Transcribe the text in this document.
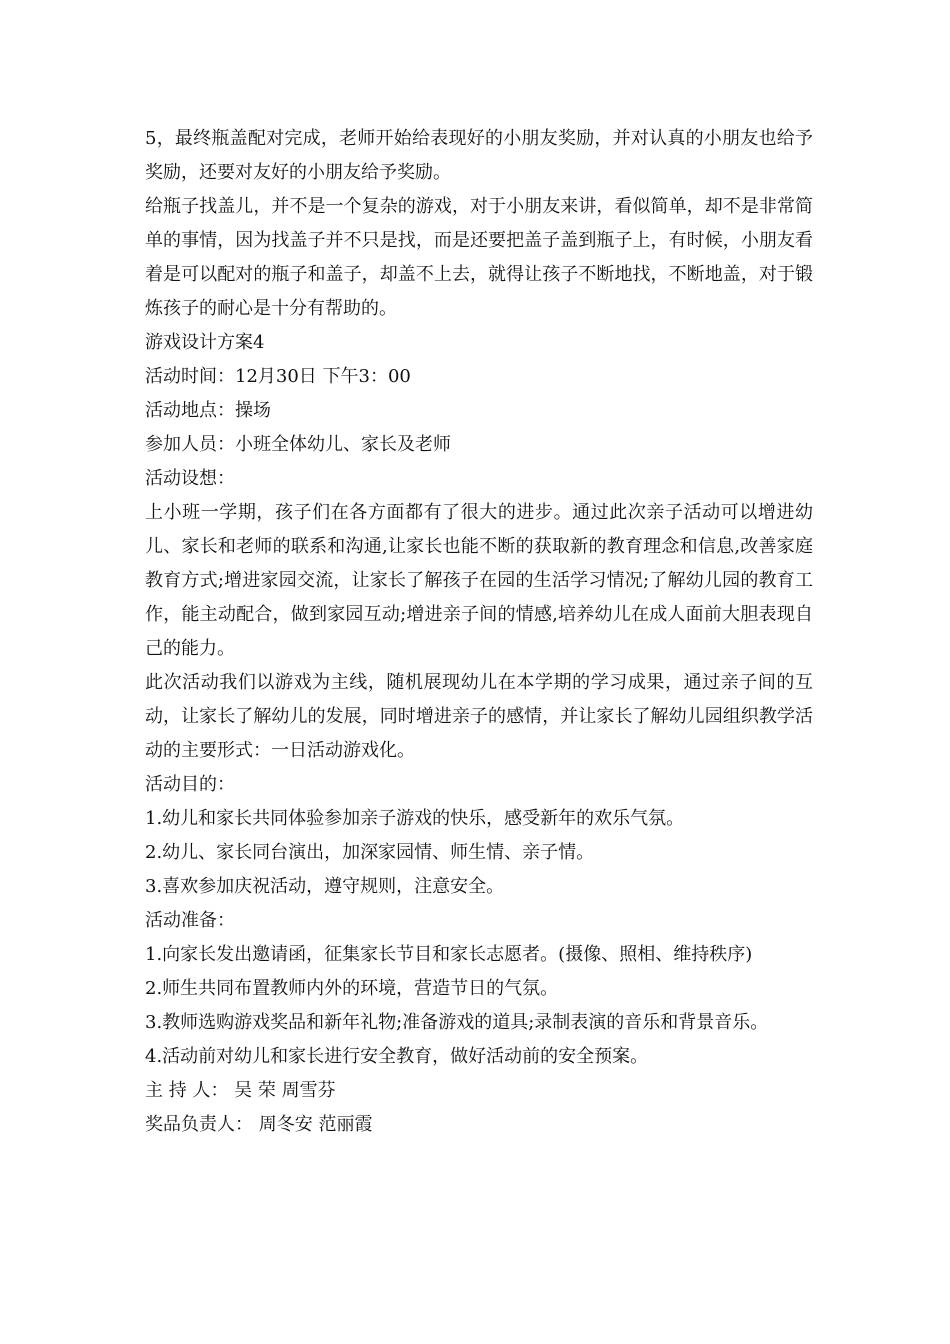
5，最终瓶盖配对完成，老师开始给表现好的小朋友奖励，并对认真的小朋友也给予奖励，还要对友好的小朋友给予奖励。

给瓶子找盖儿，并不是一个复杂的游戏，对于小朋友来讲，看似简单，却不是非常简单的事情，因为找盖子并不只是找，而是还要把盖子盖到瓶子上，有时候，小朋友看着是可以配对的瓶子和盖子，却盖不上去，就得让孩子不断地找，不断地盖，对于锻炼孩子的耐心是十分有帮助的。

游戏设计方案4

活动时间：12月30日 下午3：00

活动地点：操场

参加人员：小班全体幼儿、家长及老师

活动设想：

上小班一学期，孩子们在各方面都有了很大的进步。通过此次亲子活动可以增进幼儿、家长和老师的联系和沟通,让家长也能不断的获取新的教育理念和信息,改善家庭教育方式;增进家园交流，让家长了解孩子在园的生活学习情况;了解幼儿园的教育工作，能主动配合，做到家园互动;增进亲子间的情感,培养幼儿在成人面前大胆表现自己的能力。

此次活动我们以游戏为主线，随机展现幼儿在本学期的学习成果，通过亲子间的互动，让家长了解幼儿的发展，同时增进亲子的感情，并让家长了解幼儿园组织教学活动的主要形式：一日活动游戏化。

活动目的：

1.幼儿和家长共同体验参加亲子游戏的快乐，感受新年的欢乐气氛。

2.幼儿、家长同台演出，加深家园情、师生情、亲子情。

3.喜欢参加庆祝活动，遵守规则，注意安全。

活动准备：

1.向家长发出邀请函，征集家长节目和家长志愿者。(摄像、照相、维持秩序)

2.师生共同布置教师内外的环境，营造节日的气氛。

3.教师选购游戏奖品和新年礼物;准备游戏的道具;录制表演的音乐和背景音乐。

4.活动前对幼儿和家长进行安全教育，做好活动前的安全预案。

主 持 人： 吴 荣 周雪芬

奖品负责人： 周冬安 范丽霞
